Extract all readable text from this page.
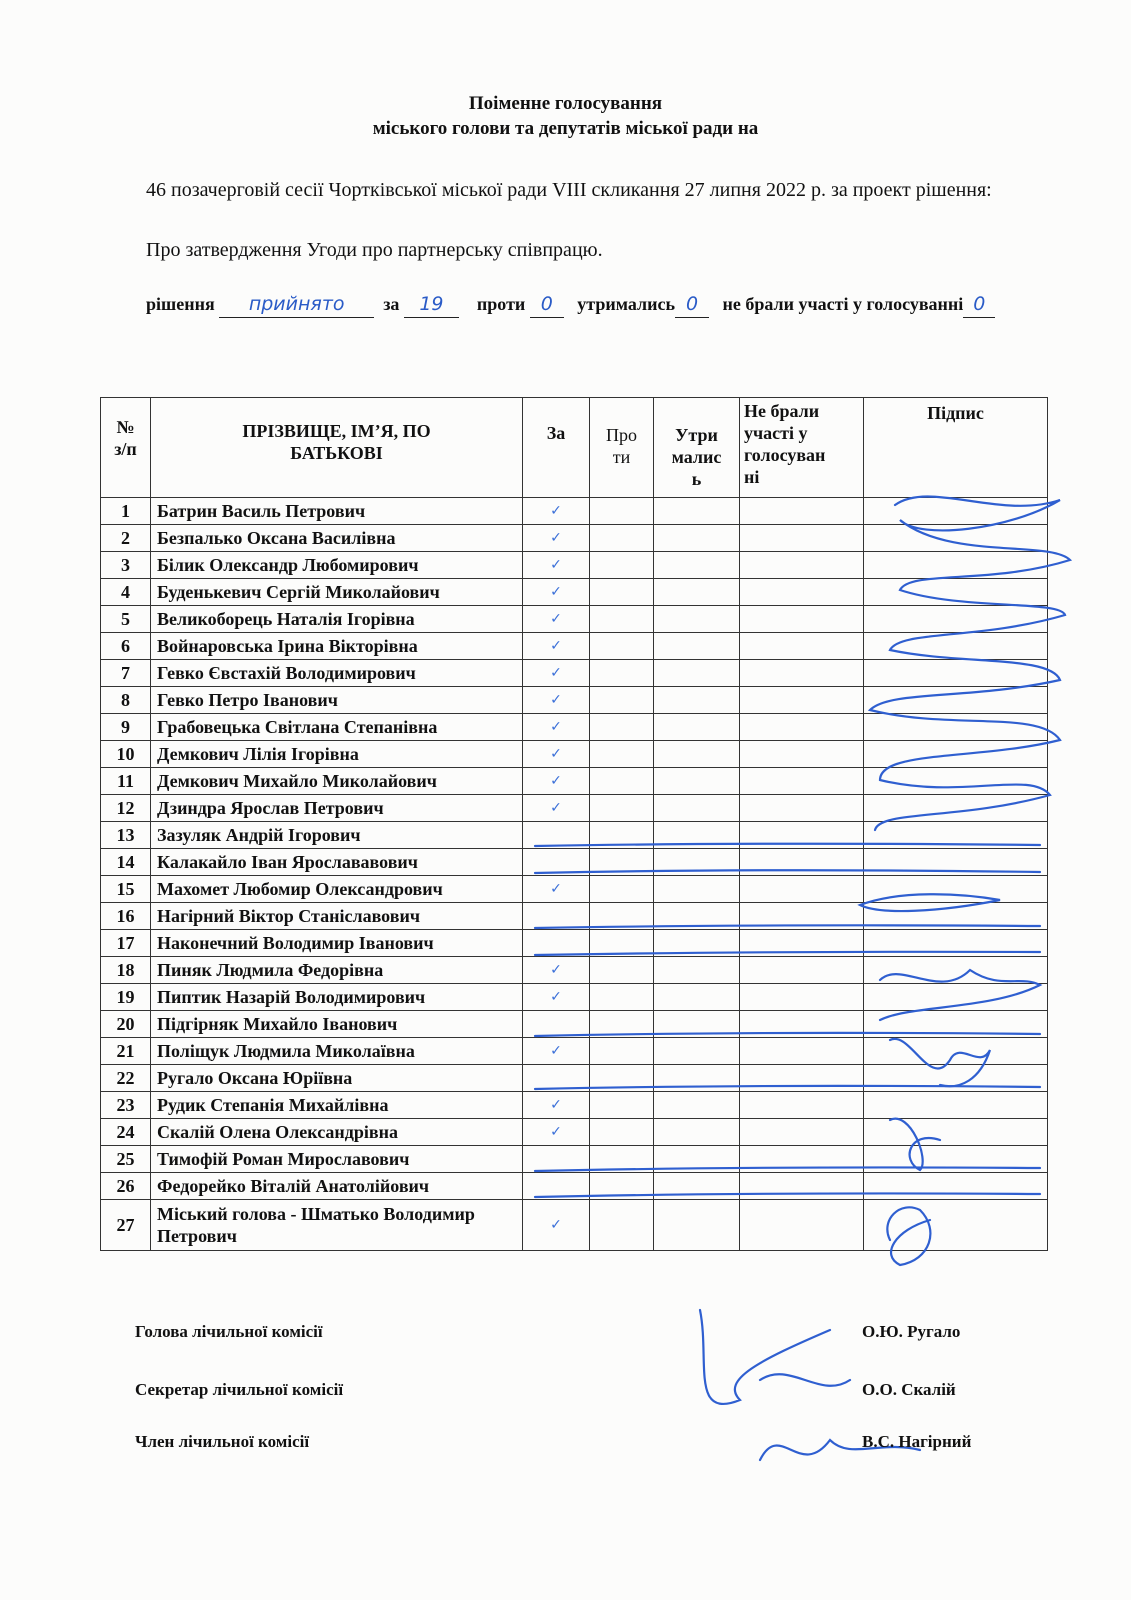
Поіменне голосування
міського голови та депутатів міської ради на
46 позачерговій сесії Чортківської міської ради VIII скликання 27 липня 2022 р. за проект рішення:
Про затвердження Угоди про партнерську співпрацю.
рішення прийнято за 19 проти 0 утримались 0 не брали участі у голосуванні 0
№ з/п	ПРІЗВИЩЕ, ІМ’Я, ПО БАТЬКОВІ	За	Про ти	Утри малис ь	Не брали участі у голосуван ні	Підпис

1	Батрин Василь Петрович	✓				
2	Безпалько Оксана Василівна	✓				
3	Білик Олександр Любомирович	✓				
4	Буденькевич Сергій Миколайович	✓				
5	Великоборець Наталія Ігорівна	✓				
6	Войнаровська Ірина Вікторівна	✓				
7	Гевко Євстахій Володимирович	✓				
8	Гевко Петро Іванович	✓				
9	Грабовецька Світлана Степанівна	✓				
10	Демкович Лілія Ігорівна	✓				
11	Демкович Михайло Миколайович	✓				
12	Дзиндра Ярослав Петрович	✓				
13	Зазуляк Андрій Ігорович					
14	Калакайло Іван Ярослававович					
15	Махомет Любомир Олександрович	✓				
16	Нагірний Віктор Станіславович					
17	Наконечний Володимир Іванович					
18	Пиняк Людмила Федорівна	✓				
19	Пиптик Назарій Володимирович	✓				
20	Підгірняк Михайло Іванович					
21	Поліщук Людмила Миколаївна	✓				
22	Ругало Оксана Юріївна					
23	Рудик Степанія Михайлівна	✓				
24	Скалій Олена Олександрівна	✓				
25	Тимофій Роман Мирославович					
26	Федорейко Віталій Анатолійович					
27	Міський голова - Шматько Володимир Петрович	✓				
Голова лічильної комісії	О.Ю. Ругало
Секретар лічильної комісії	О.О. Скалій
Член лічильної комісії	В.С. Нагірний
